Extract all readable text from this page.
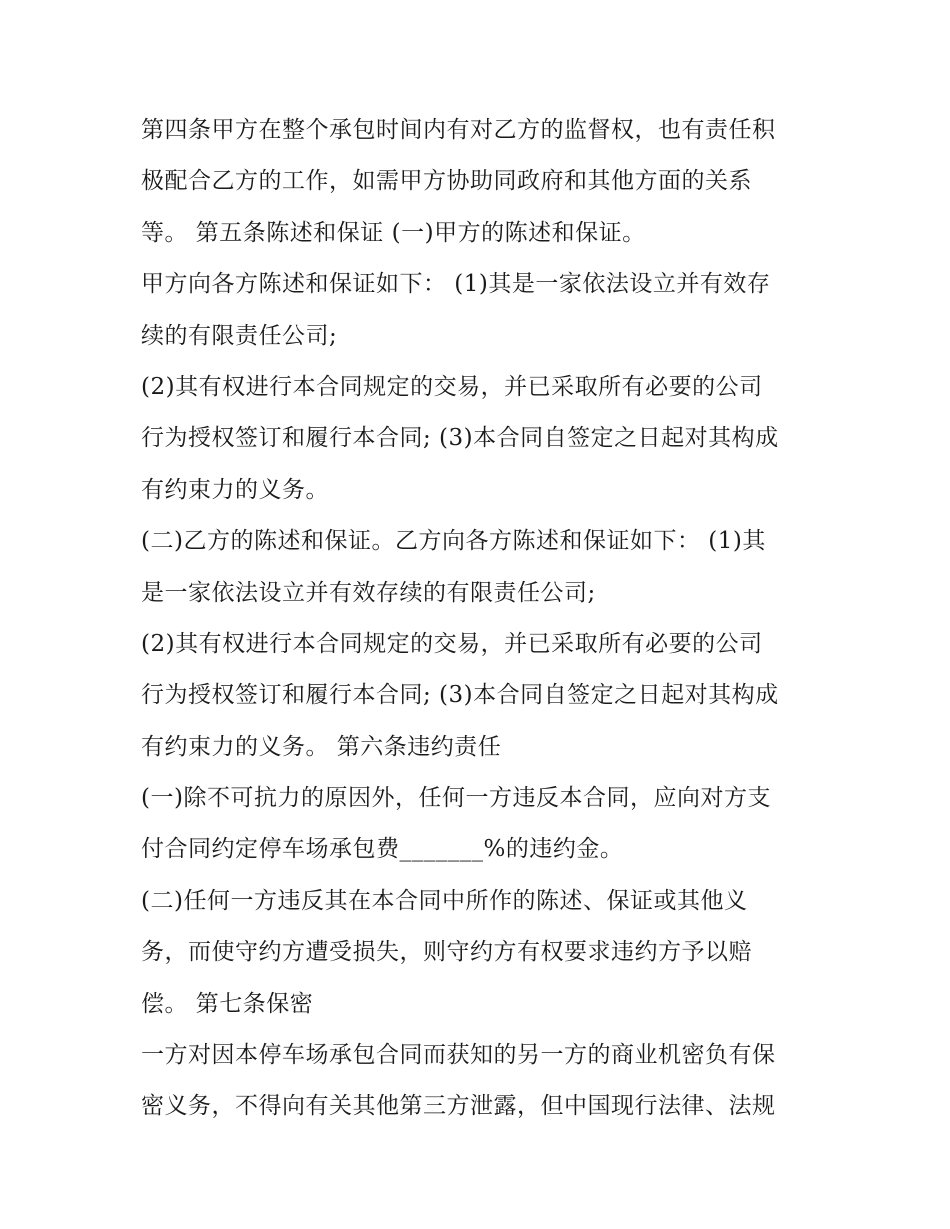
第四条甲方在整个承包时间内有对乙方的监督权，也有责任积
极配合乙方的工作，如需甲方协助同政府和其他方面的关系
等。 第五条陈述和保证 (一)甲方的陈述和保证。
甲方向各方陈述和保证如下： (1)其是一家依法设立并有效存
续的有限责任公司;
(2)其有权进行本合同规定的交易，并已采取所有必要的公司
行为授权签订和履行本合同; (3)本合同自签定之日起对其构成
有约束力的义务。
(二)乙方的陈述和保证。乙方向各方陈述和保证如下： (1)其
是一家依法设立并有效存续的有限责任公司;
(2)其有权进行本合同规定的交易，并已采取所有必要的公司
行为授权签订和履行本合同; (3)本合同自签定之日起对其构成
有约束力的义务。 第六条违约责任
(一)除不可抗力的原因外，任何一方违反本合同，应向对方支
付合同约定停车场承包费_______%的违约金。
(二)任何一方违反其在本合同中所作的陈述、保证或其他义
务，而使守约方遭受损失，则守约方有权要求违约方予以赔
偿。 第七条保密
一方对因本停车场承包合同而获知的另一方的商业机密负有保
密义务，不得向有关其他第三方泄露，但中国现行法律、法规
